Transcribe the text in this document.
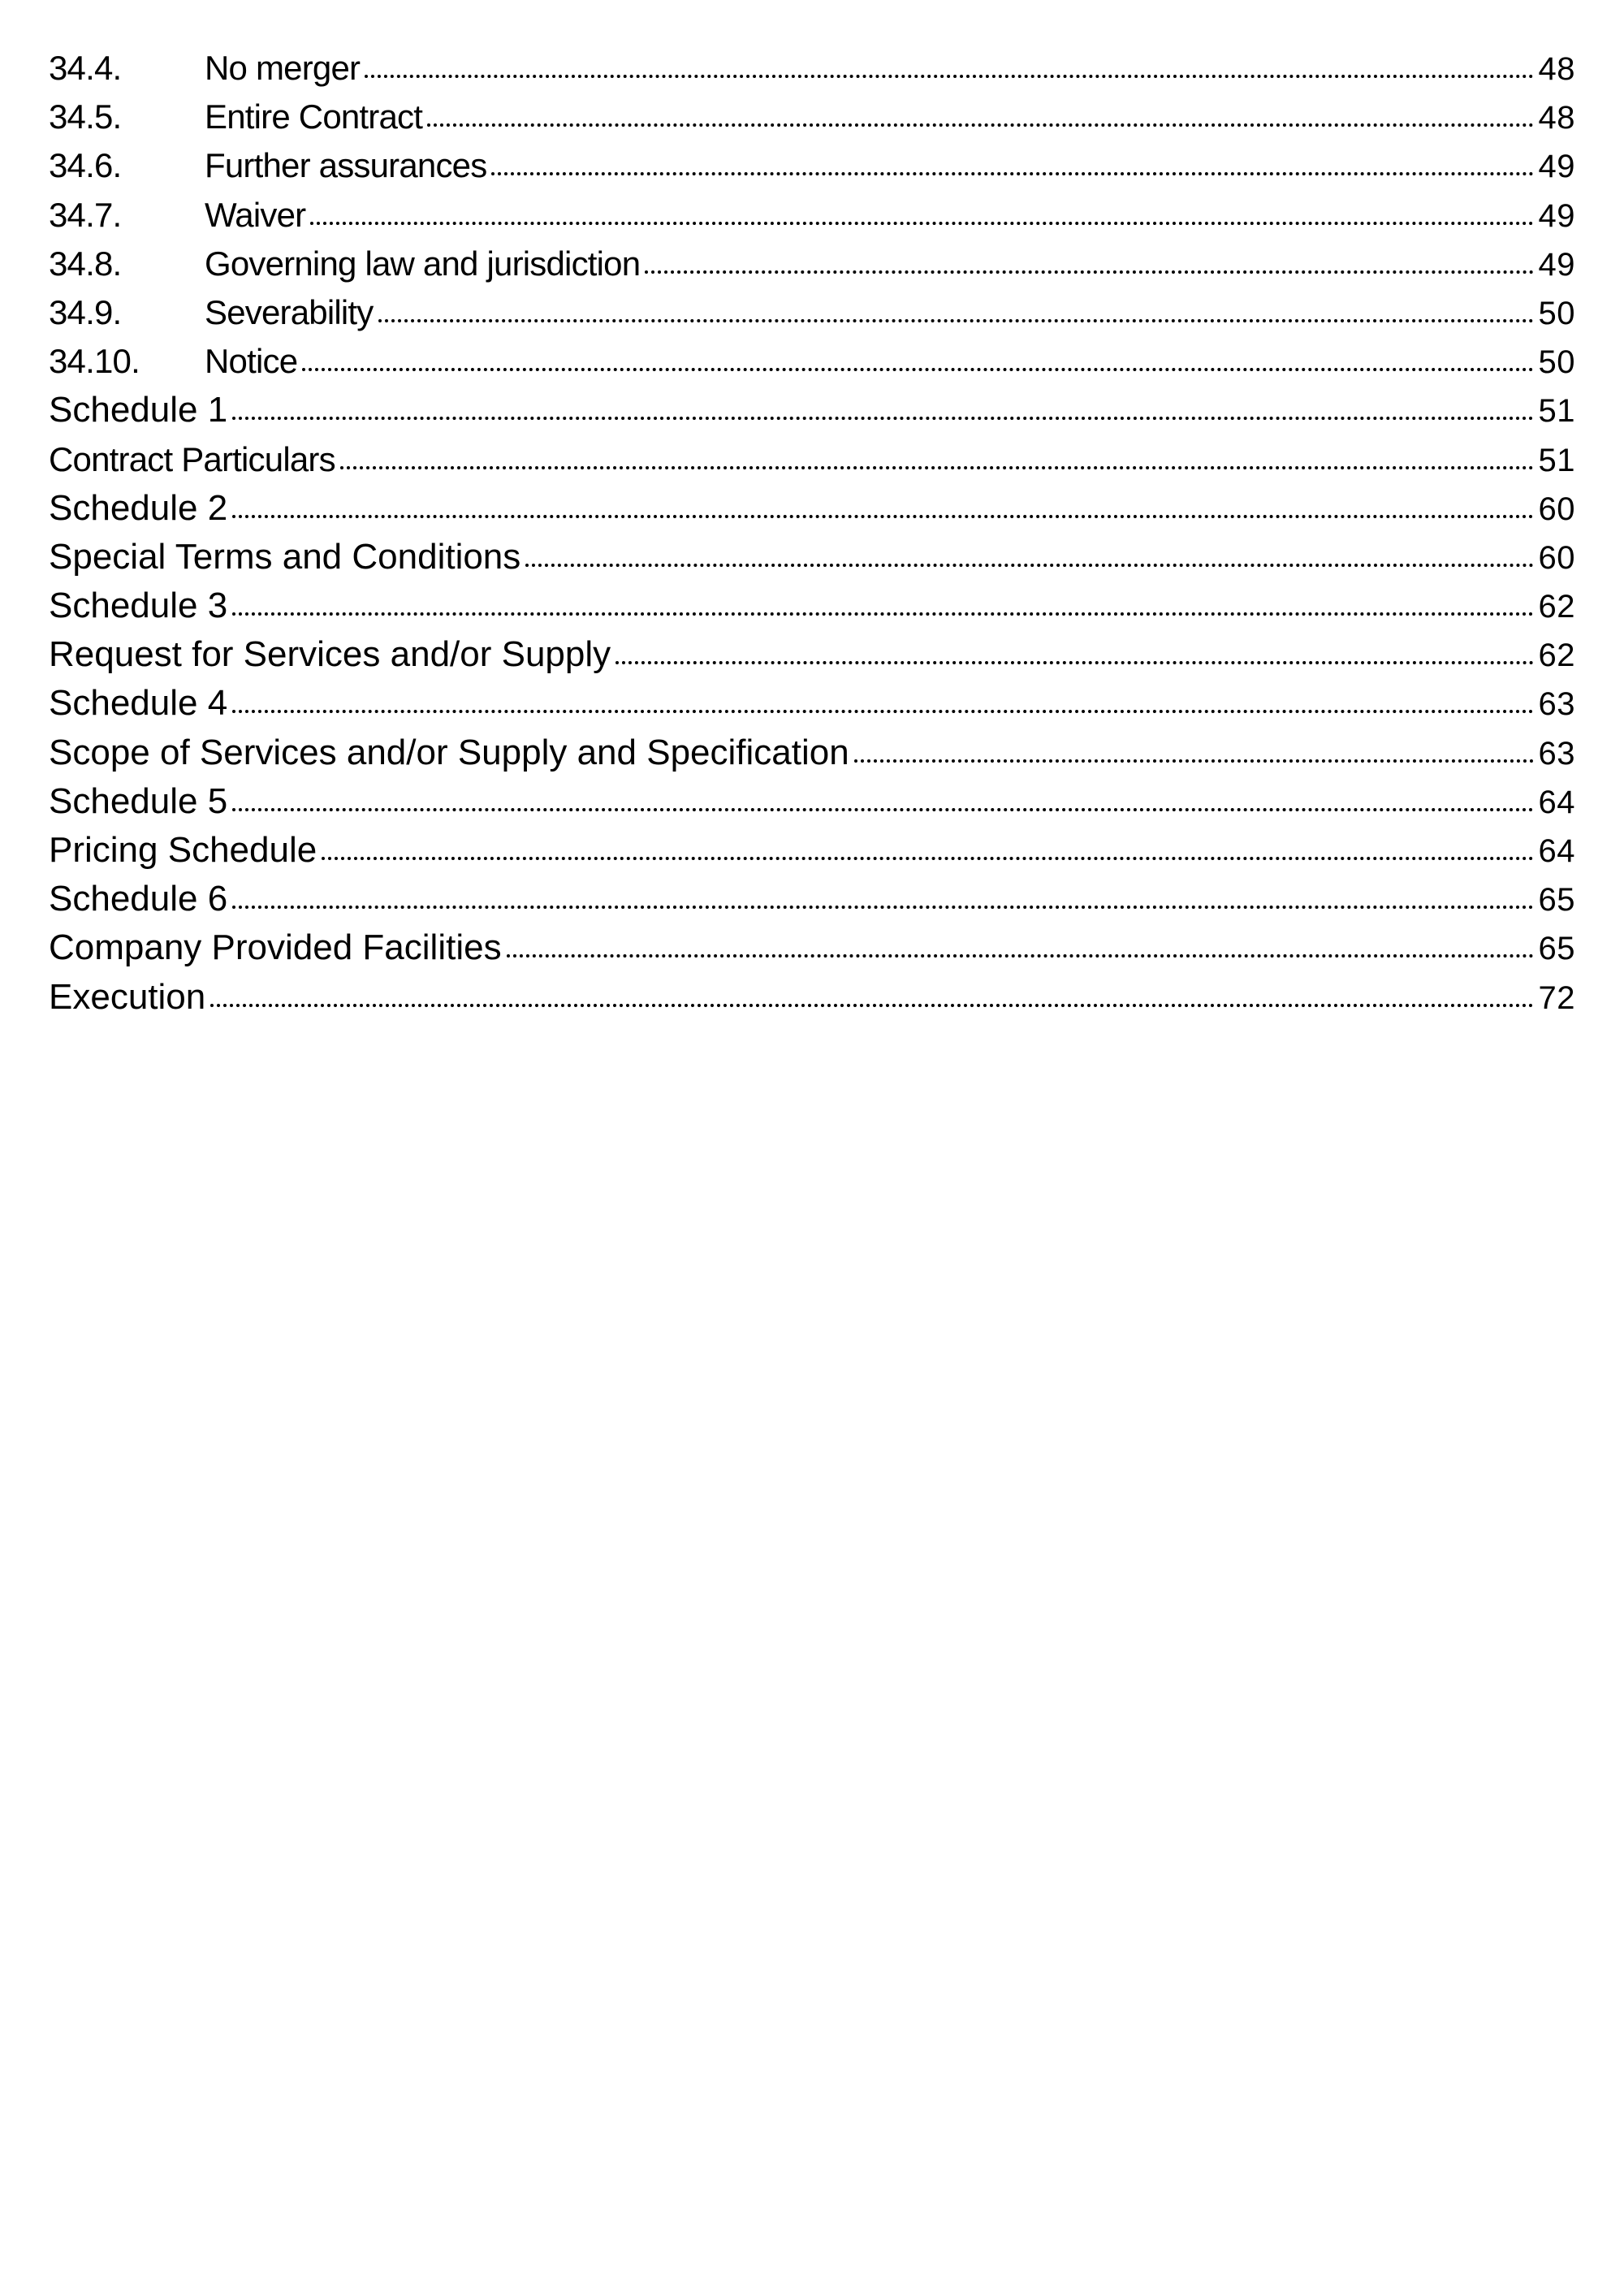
34.4.	No merger	48
34.5.	Entire Contract	48
34.6.	Further assurances	49
34.7.	Waiver	49
34.8.	Governing law and jurisdiction	49
34.9.	Severability	50
34.10.	Notice	50
Schedule 1	51
Contract Particulars	51
Schedule 2	60
Special Terms and Conditions	60
Schedule 3	62
Request for Services and/or Supply	62
Schedule 4	63
Scope of Services and/or Supply and Specification	63
Schedule 5	64
Pricing Schedule	64
Schedule 6	65
Company Provided Facilities	65
Execution	72
